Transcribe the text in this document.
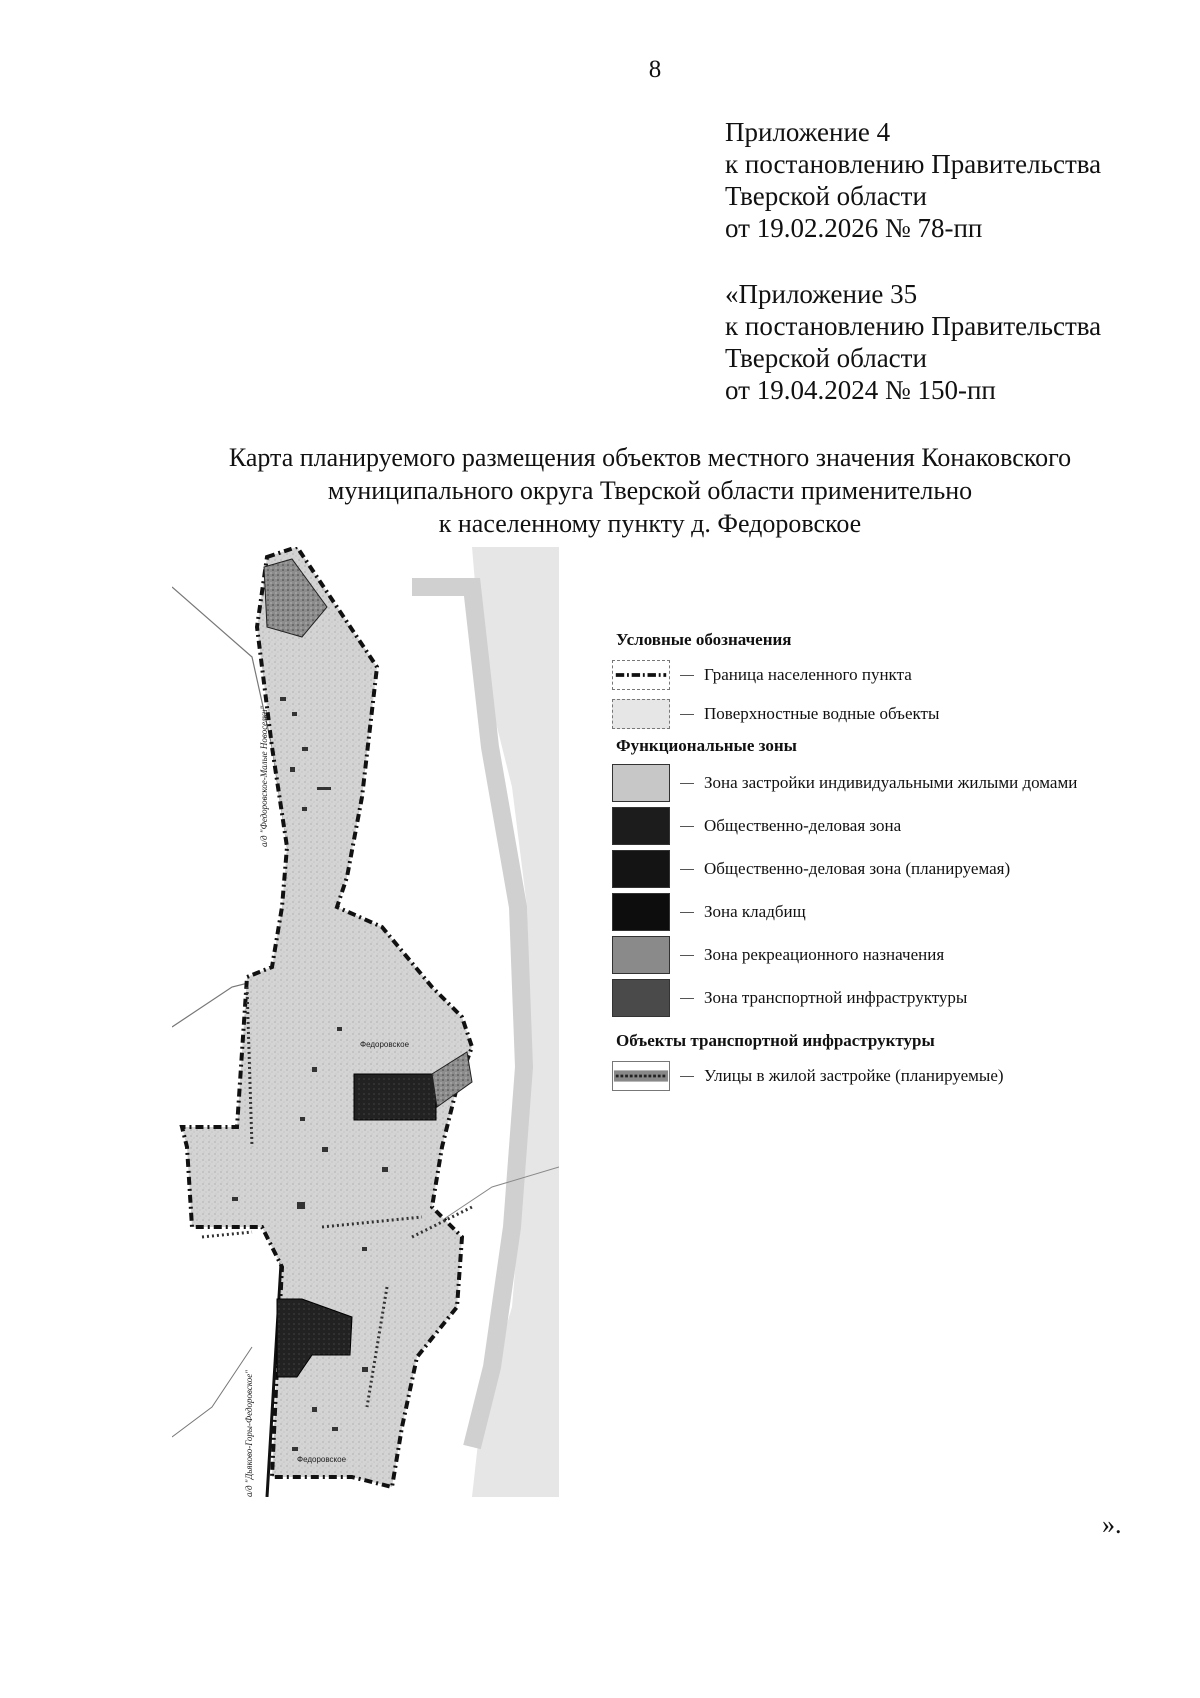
8
Приложение 4
к постановлению Правительства
Тверской области
от 19.02.2026 № 78-пп
«Приложение 35
к постановлению Правительства
Тверской области
от 19.04.2024 № 150-пп
Карта планируемого размещения объектов местного значения Конаковского
муниципального округа Тверской области применительно
к населенному пункту д. Федоровское
Федоровское
Федоровское
а/д "Федоровское-Малые Новоселки"
а/д "Дьяково-Горы-Федоровское"
Условные обозначения
Граница населенного пункта
Поверхностные водные объекты
Функциональные зоны
Зона застройки индивидуальными жилыми домами
Общественно-деловая зона
Общественно-деловая зона (планируемая)
Зона кладбищ
Зона рекреационного назначения
Зона транспортной инфраструктуры
Объекты транспортной инфраструктуры
Улицы в жилой застройке (планируемые)
».
